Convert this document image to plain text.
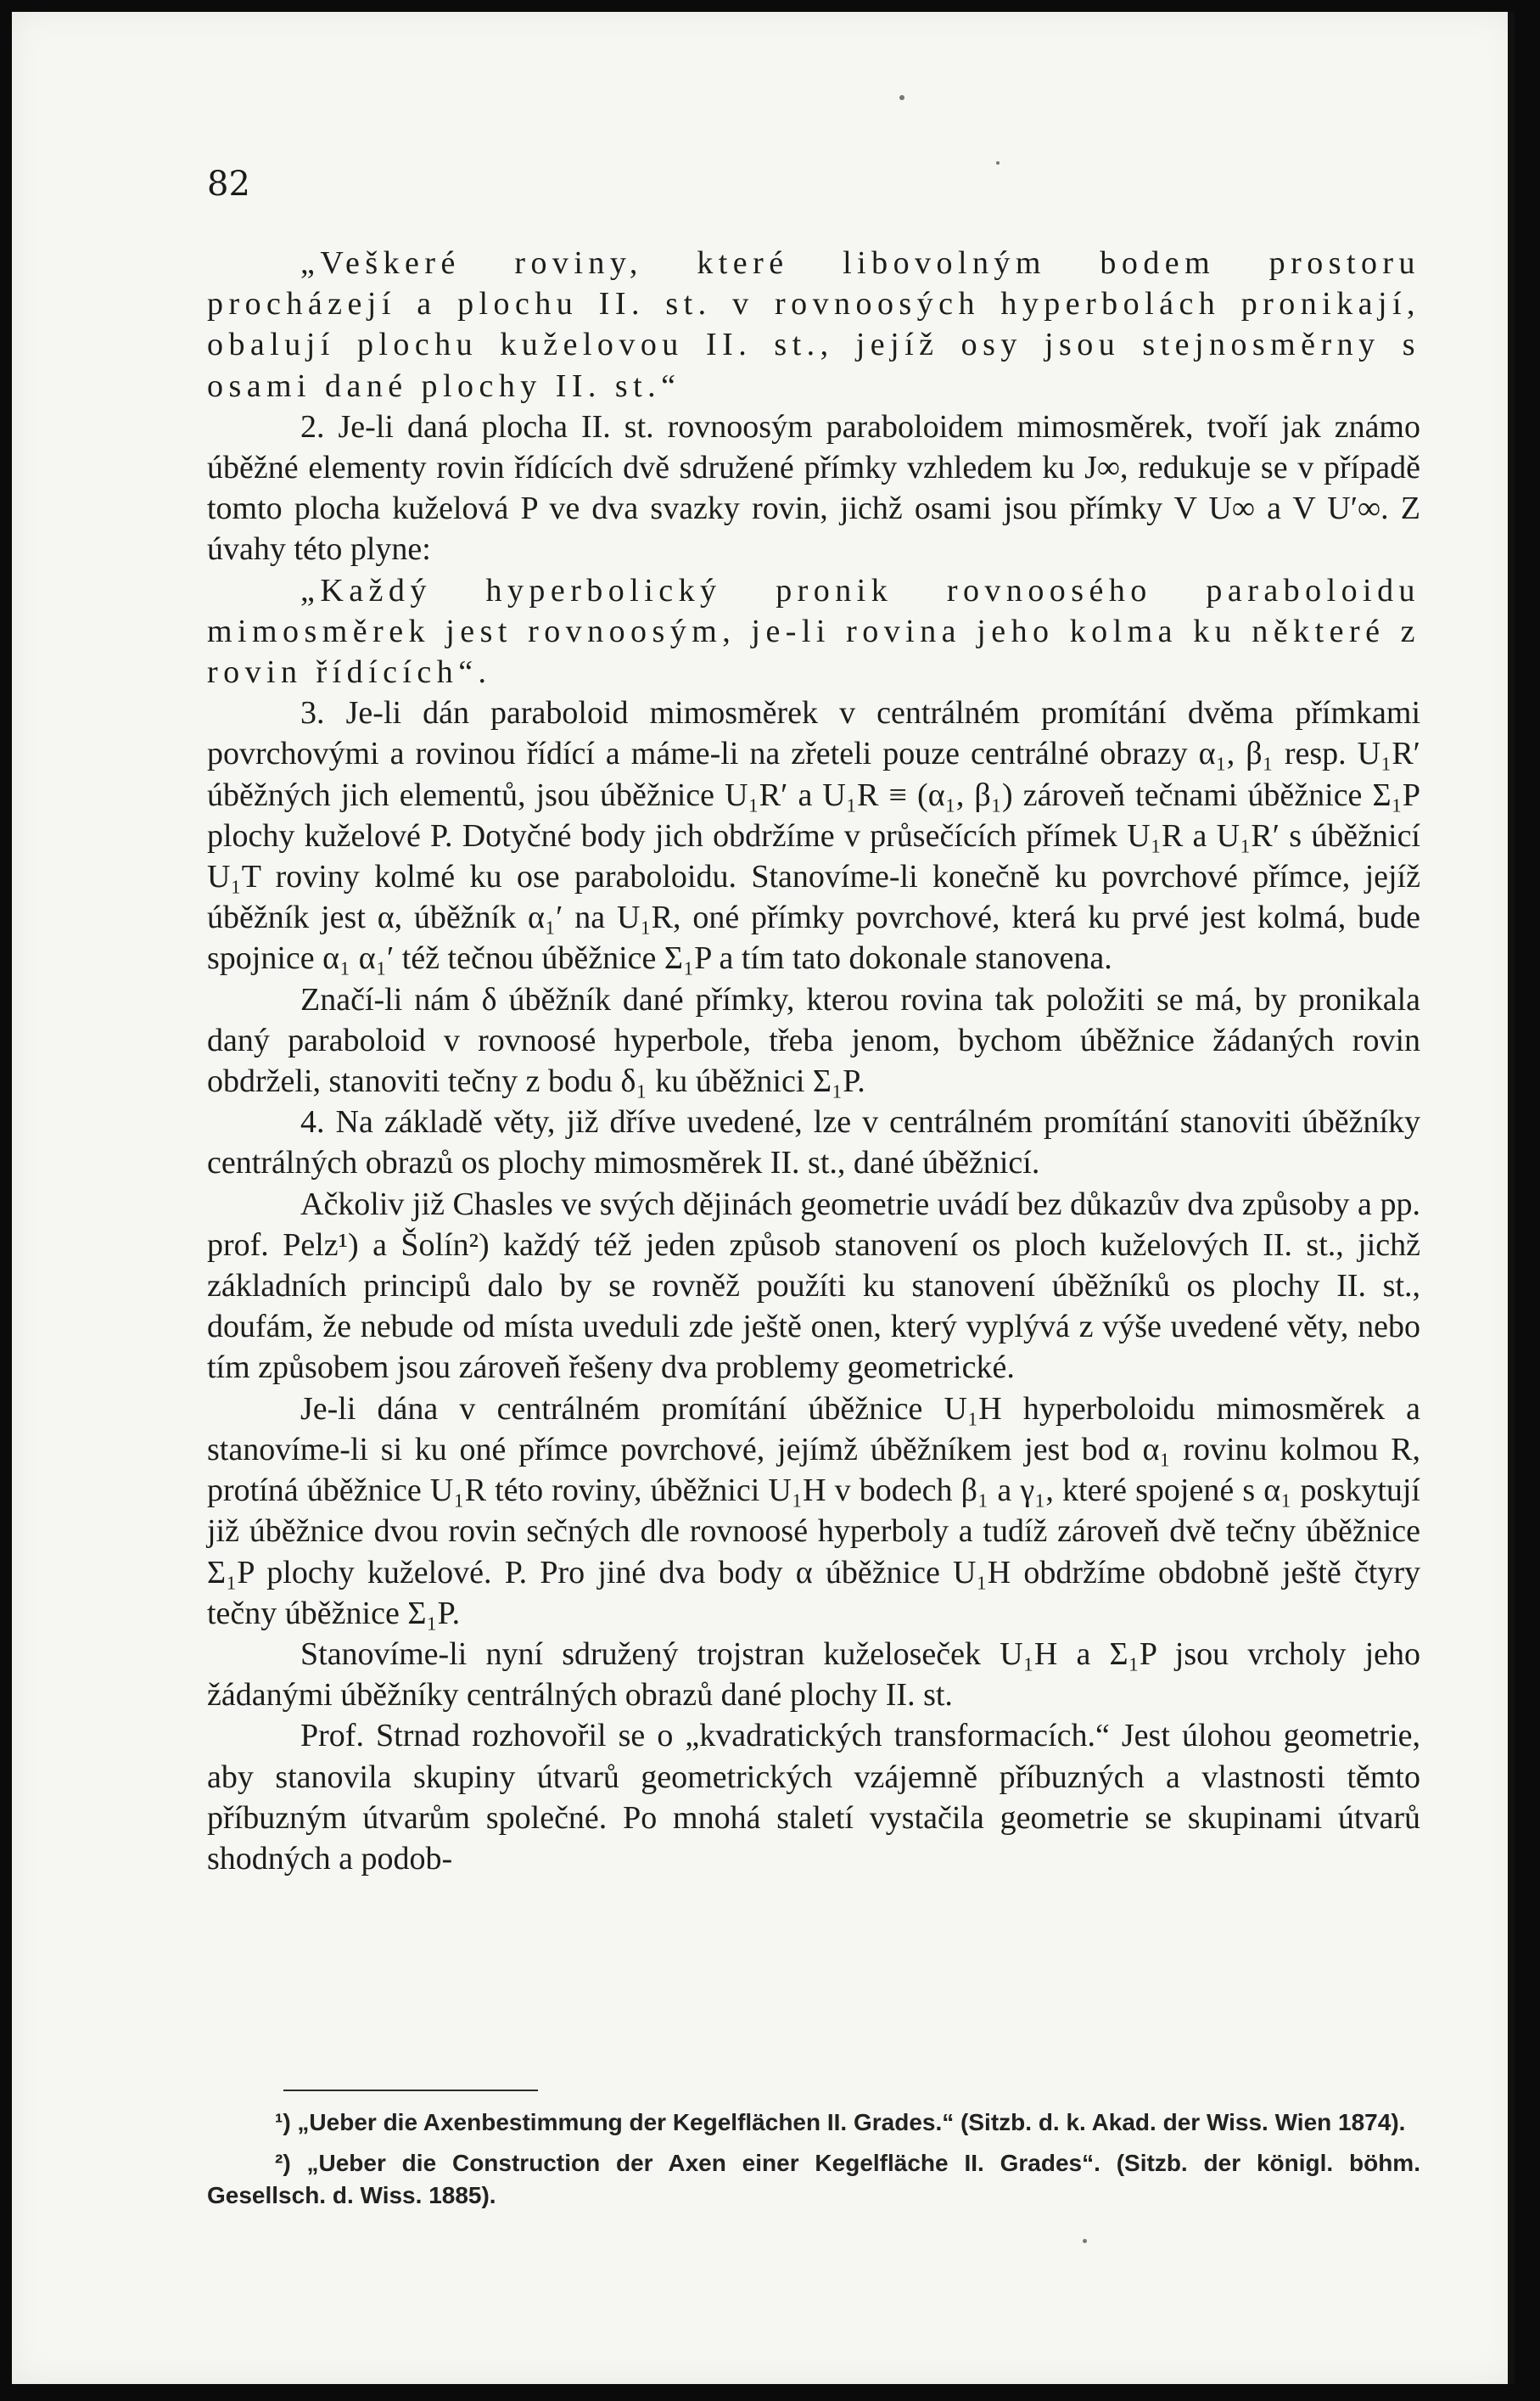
82

„Veškeré roviny, které libovolným bodem prostoru procházejí a plochu II. st. v rovnoosých hyperbolách pronikají, obalují plochu kuželovou II. st., jejíž osy jsou stejnosměrny s osami dané plochy II. st.“

2. Je-li daná plocha II. st. rovnoosým paraboloidem mimosměrek, tvoří jak známo úběžné elementy rovin řídících dvě sdružené přímky vzhledem ku J∞, redukuje se v případě tomto plocha kuželová P ve dva svazky rovin, jichž osami jsou přímky V U∞ a V U′∞. Z úvahy této plyne:

„Každý hyperbolický pronik rovnoosého paraboloidu mimosměrek jest rovnoosým, je-li rovina jeho kolma ku některé z rovin řídících“.

3. Je-li dán paraboloid mimosměrek v centrálném promítání dvěma přímkami povrchovými a rovinou řídící a máme-li na zřeteli pouze centrálné obrazy α₁, β₁ resp. U₁R′ úběžných jich elementů, jsou úběžnice U₁R′ a U₁R ≡ (α₁, β₁) zároveň tečnami úběžnice Σ₁P plochy kuželové P. Dotyčné body jich obdržíme v průsečících přímek U₁R a U₁R′ s úběžnicí U₁T roviny kolmé ku ose paraboloidu. Stanovíme-li konečně ku povrchové přímce, jejíž úběžník jest α, úběžník α₁′ na U₁R, oné přímky povrchové, která ku prvé jest kolmá, bude spojnice α₁ α₁′ též tečnou úběžnice Σ₁P a tím tato dokonale stanovena.

Značí-li nám δ úběžník dané přímky, kterou rovina tak položiti se má, by pronikala daný paraboloid v rovnoosé hyperbole, třeba jenom, bychom úběžnice žádaných rovin obdrželi, stanoviti tečny z bodu δ₁ ku úběžnici Σ₁P.

4. Na základě věty, již dříve uvedené, lze v centrálném promítání stanoviti úběžníky centrálných obrazů os plochy mimosměrek II. st., dané úběžnicí.

Ačkoliv již Chasles ve svých dějinách geometrie uvádí bez důkazův dva způsoby a pp. prof. Pelz¹) a Šolín²) každý též jeden způsob stanovení os ploch kuželových II. st., jichž základních principů dalo by se rovněž použíti ku stanovení úběžníků os plochy II. st., doufám, že nebude od místa uveduli zde ještě onen, který vyplývá z výše uvedené věty, nebo tím způsobem jsou zároveň řešeny dva problemy geometrické.

Je-li dána v centrálném promítání úběžnice U₁H hyperboloidu mimosměrek a stanovíme-li si ku oné přímce povrchové, jejímž úběžníkem jest bod α₁ rovinu kolmou R, protíná úběžnice U₁R této roviny, úběžnici U₁H v bodech β₁ a γ₁, které spojené s α₁ poskytují již úběžnice dvou rovin sečných dle rovnoosé hyperboly a tudíž zároveň dvě tečny úběžnice Σ₁P plochy kuželové. P. Pro jiné dva body α úběžnice U₁H obdržíme obdobně ještě čtyry tečny úběžnice Σ₁P.

Stanovíme-li nyní sdružený trojstran kuželoseček U₁H a Σ₁P jsou vrcholy jeho žádanými úběžníky centrálných obrazů dané plochy II. st.

Prof. Strnad rozhovořil se o „kvadratických transformacích.“ Jest úlohou geometrie, aby stanovila skupiny útvarů geometrických vzájemně příbuzných a vlastnosti těmto příbuzným útvarům společné. Po mnohá staletí vystačila geometrie se skupinami útvarů shodných a podob-

¹) „Ueber die Axenbestimmung der Kegelflächen II. Grades.“ (Sitzb. d. k. Akad. der Wiss. Wien 1874).

²) „Ueber die Construction der Axen einer Kegelfläche II. Grades“. (Sitzb. der königl. böhm. Gesellsch. d. Wiss. 1885).
